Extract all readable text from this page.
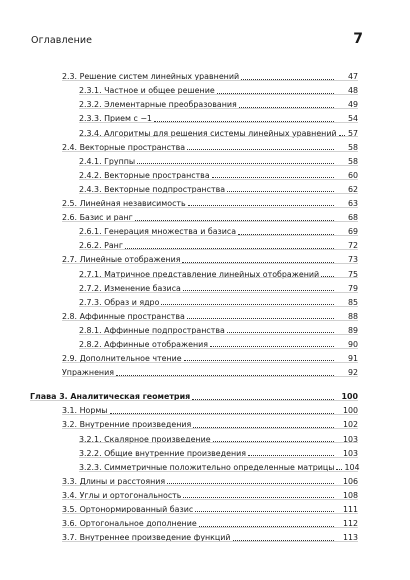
Оглавление	7
2.3. Решение систем линейных уравнений	47
2.3.1. Частное и общее решение	48
2.3.2. Элементарные преобразования	49
2.3.3. Прием с −1	54
2.3.4. Алгоритмы для решения системы линейных уравнений	57
2.4. Векторные пространства	58
2.4.1. Группы	58
2.4.2. Векторные пространства	60
2.4.3. Векторные подпространства	62
2.5. Линейная независимость	63
2.6. Базис и ранг	68
2.6.1. Генерация множества и базиса	69
2.6.2. Ранг	72
2.7. Линейные отображения	73
2.7.1. Матричное представление линейных отображений	75
2.7.2. Изменение базиса	79
2.7.3. Образ и ядро	85
2.8. Аффинные пространства	88
2.8.1. Аффинные подпространства	89
2.8.2. Аффинные отображения	90
2.9. Дополнительное чтение	91
Упражнения	92
Глава 3. Аналитическая геометрия	100
3.1. Нормы	100
3.2. Внутренние произведения	102
3.2.1. Скалярное произведение	103
3.2.2. Общие внутренние произведения	103
3.2.3. Симметричные положительно определенные матрицы 104
3.3. Длины и расстояния	106
3.4. Углы и ортогональность	108
3.5. Ортонормированный базис	111
3.6. Ортогональное дополнение	112
3.7. Внутреннее произведение функций	113
